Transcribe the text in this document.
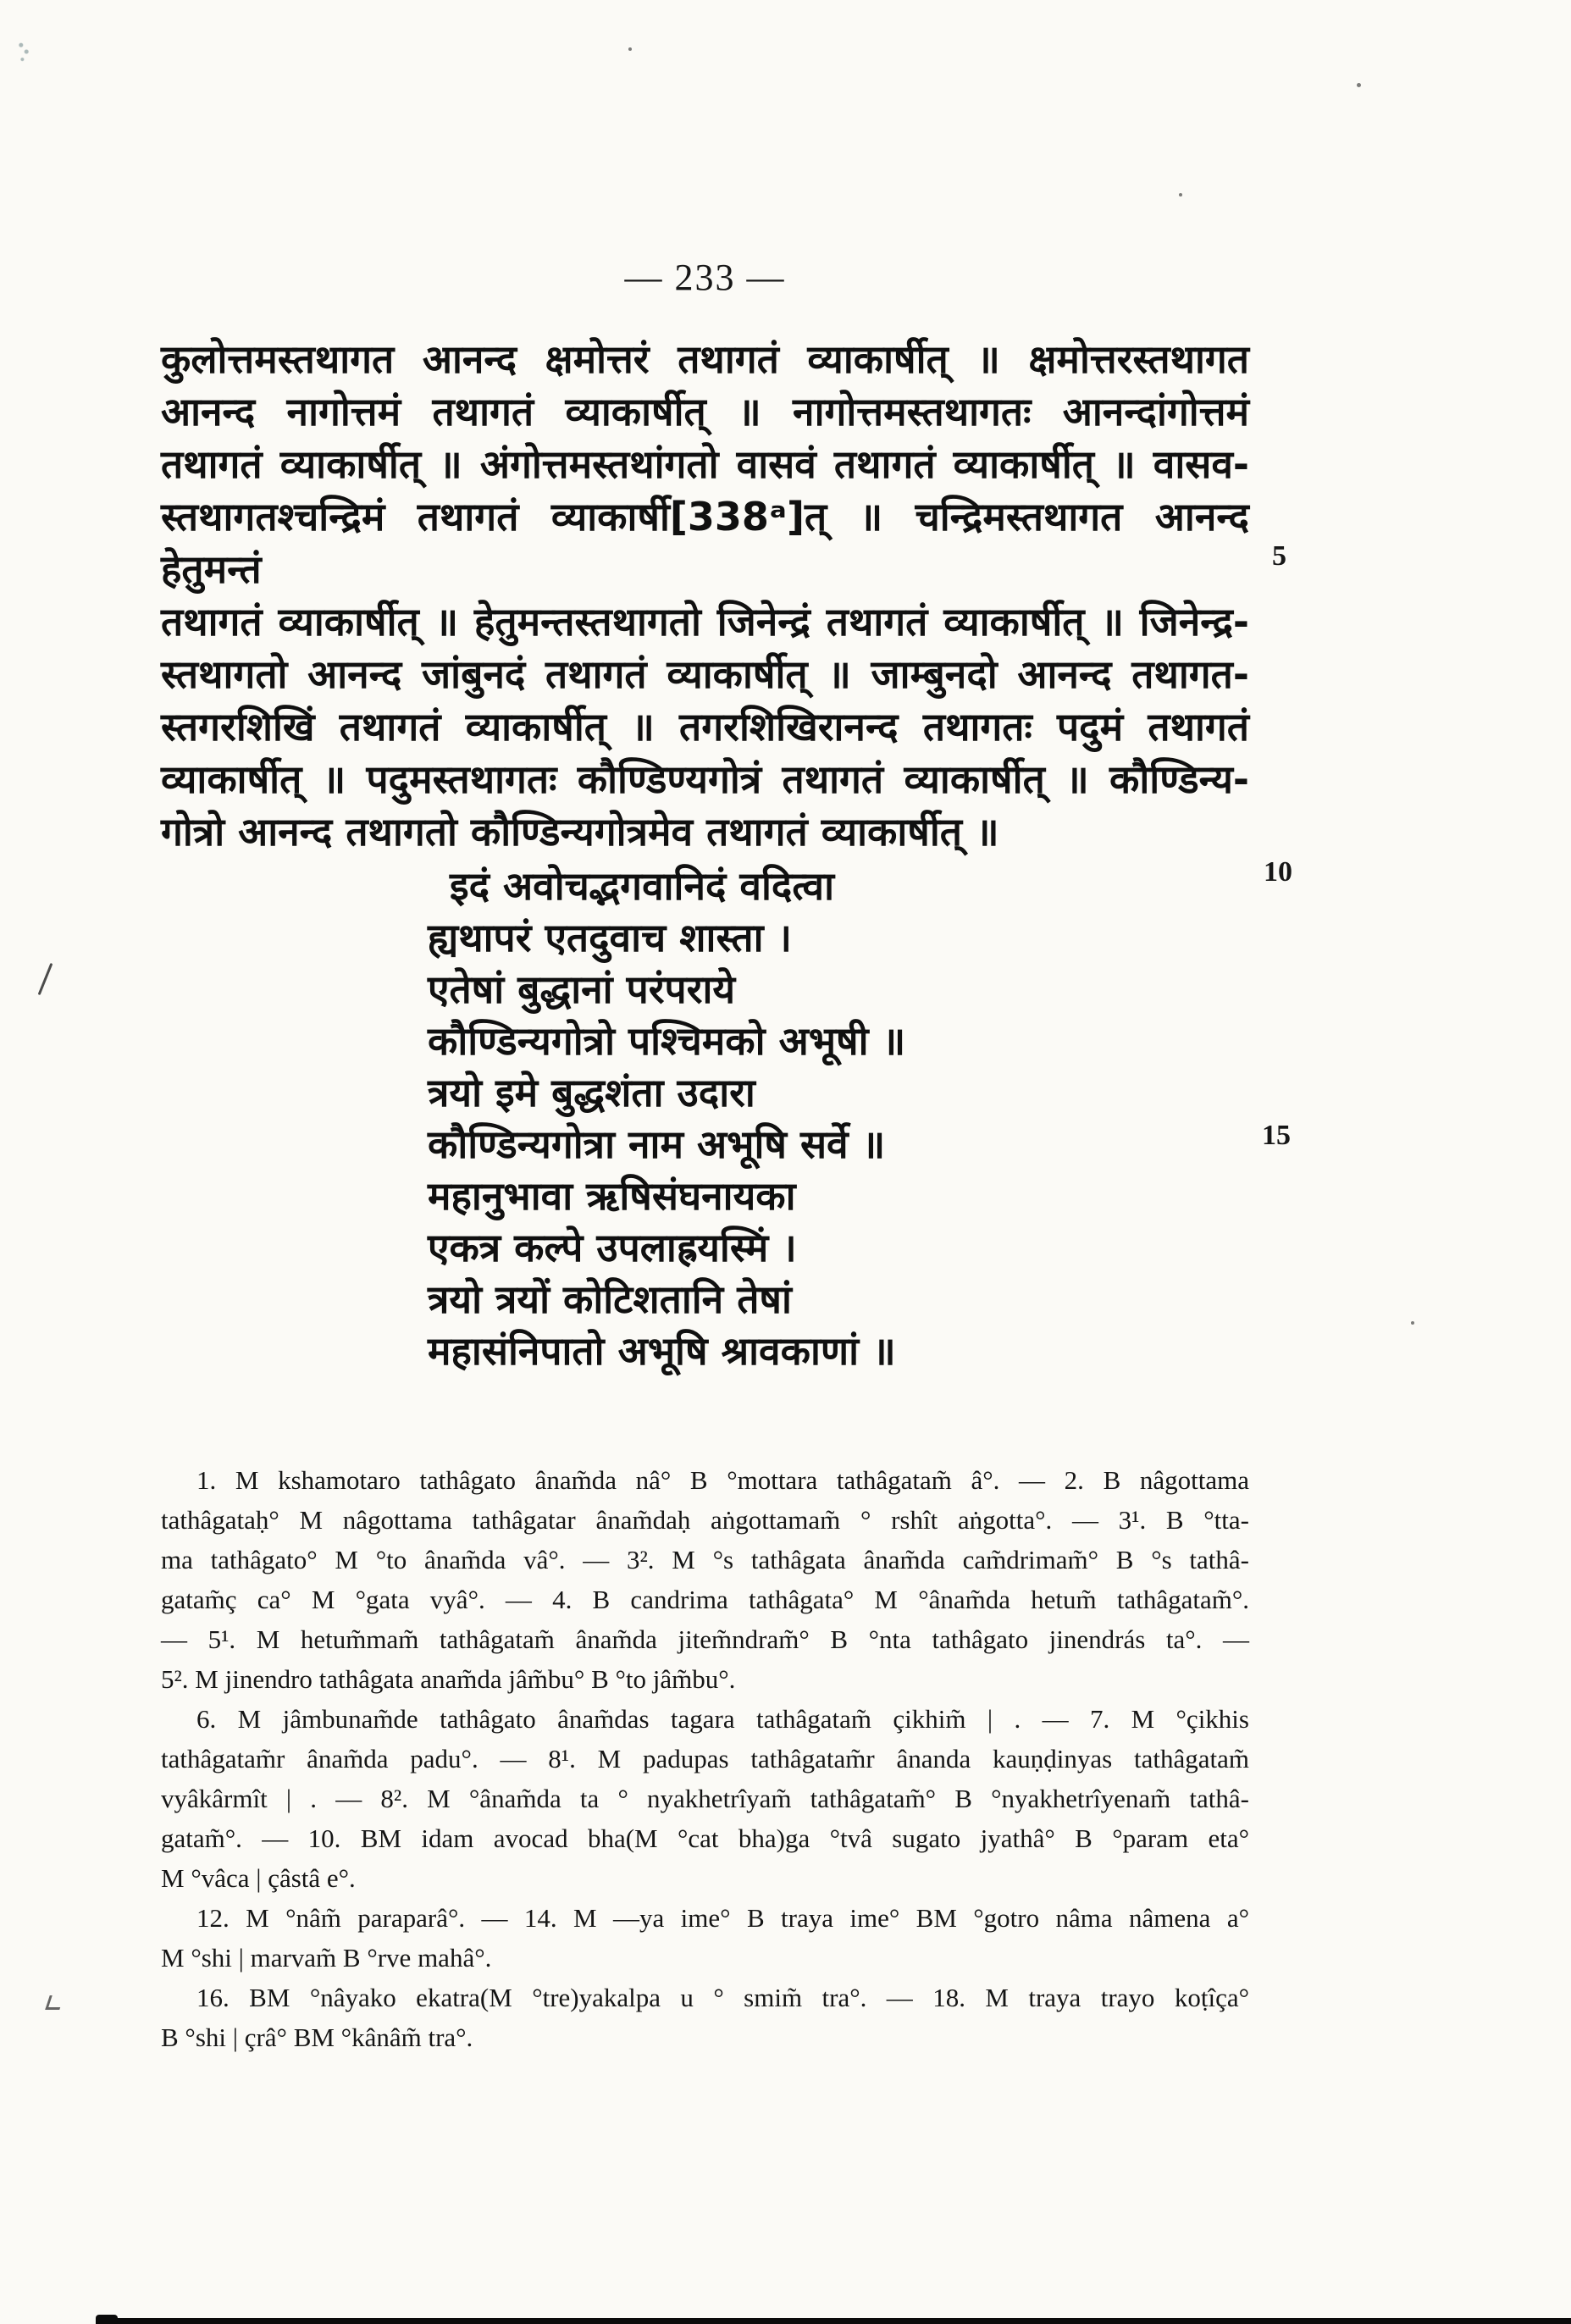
— 233 —
5
10
15
कुलोत्तमस्तथागत आनन्द क्षमोत्तरं तथागतं व्याकार्षीत् ॥ क्षमोत्तरस्तथागत
आनन्द नागोत्तमं तथागतं व्याकार्षीत् ॥ नागोत्तमस्तथागतः आनन्दांगोत्तमं
तथागतं व्याकार्षीत् ॥ अंगोत्तमस्तथांगतो वासवं तथागतं व्याकार्षीत् ॥ वासव-
स्तथागतश्चन्द्रिमं तथागतं व्याकार्षी[338ᵃ]त् ॥ चन्द्रिमस्तथागत आनन्द हेतुमन्तं
तथागतं व्याकार्षीत् ॥ हेतुमन्तस्तथागतो जिनेन्द्रं तथागतं व्याकार्षीत् ॥ जिनेन्द्र-
स्तथागतो आनन्द जांबुनदं तथागतं व्याकार्षीत् ॥ जाम्बुनदो आनन्द तथागत-
स्तगरशिखिं तथागतं व्याकार्षीत् ॥ तगरशिखिरानन्द तथागतः पदुमं तथागतं
व्याकार्षीत् ॥ पदुमस्तथागतः कौण्डिण्यगोत्रं तथागतं व्याकार्षीत् ॥ कौण्डिन्य-
गोत्रो आनन्द तथागतो कौण्डिन्यगोत्रमेव तथागतं व्याकार्षीत् ॥
इदं अवोचद्भगवानिदं वदित्वा
ह्यथापरं एतदुवाच शास्ता ।
एतेषां बुद्धानां परंपराये
कौण्डिन्यगोत्रो पश्चिमको अभूषी ॥
त्रयो इमे बुद्धशंता उदारा
कौण्डिन्यगोत्रा नाम अभूषि सर्वे ॥
महानुभावा ऋषिसंघनायका
एकत्र कल्पे उपलाह्रयस्मिं ।
त्रयो त्रयों कोटिशतानि तेषां
महासंनिपातो अभूषि श्रावकाणां ॥
1. M kshamotaro tathâgato ânam̃da nâ° B °mottara tathâgatam̃ â°. — 2. B nâgottama
tathâgataḥ° M nâgottama tathâgatar ânam̃daḥ aṅgottamam̃ ° rshît aṅgotta°. — 3¹. B °tta-
ma tathâgato° M °to ânam̃da vâ°. — 3². M °s tathâgata ânam̃da cam̃drimam̃° B °s tathâ-
gatam̃ç ca° M °gata vyâ°. — 4. B candrima tathâgata° M °ânam̃da hetum̃ tathâgatam̃°.
— 5¹. M hetum̃mam̃ tathâgatam̃ ânam̃da jitem̃ndram̃° B °nta tathâgato jinendrás ta°. —
5². M jinendro tathâgata anam̃da jâm̃bu° B °to jâm̃bu°.
6. M jâmbunam̃de tathâgato ânam̃das tagara tathâgatam̃ çikhim̃ | . — 7. M °çikhis
tathâgatam̃r ânam̃da padu°. — 8¹. M padupas tathâgatam̃r ânanda kauṇḍinyas tathâgatam̃
vyâkârmît | . — 8². M °ânam̃da ta ° nyakhetrîyam̃ tathâgatam̃° B °nyakhetrîyenam̃ tathâ-
gatam̃°. — 10. BM idam avocad bha(M °cat bha)ga °tvâ sugato jyathâ° B °param eta°
M °vâca | çâstâ e°.
12. M °nâm̃ paraparâ°. — 14. M —ya ime° B traya ime° BM °gotro nâma nâmena a°
M °shi | marvam̃ B °rve mahâ°.
16. BM °nâyako ekatra(M °tre)yakalpa u ° smim̃ tra°. — 18. M traya trayo koṭîça°
B °shi | çrâ° BM °kânâm̃ tra°.
